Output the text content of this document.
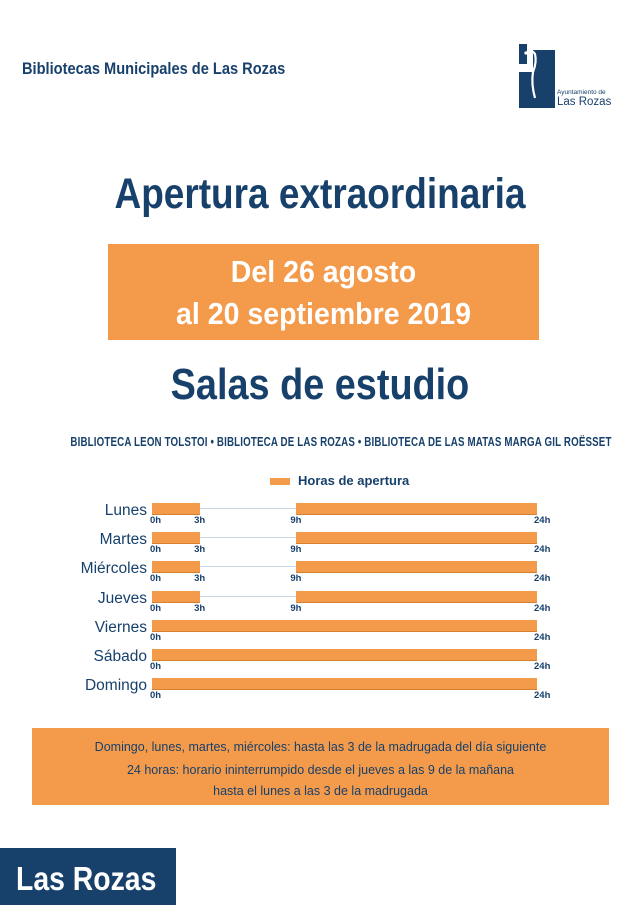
Bibliotecas Municipales de Las Rozas
Ayuntamiento de
Las Rozas
Apertura extraordinaria
Del 26 agosto
al 20 septiembre 2019
Salas de estudio
BIBLIOTECA LEON TOLSTOI • BIBLIOTECA DE LAS ROZAS • BIBLIOTECA DE LAS MATAS MARGA GIL ROËSSET
Horas de apertura
Lunes
0h	3h	9h	24h
Martes
0h	3h	9h	24h
Miércoles
0h	3h	9h	24h
Jueves
0h	3h	9h	24h
Viernes
0h	24h
Sábado
0h	24h
Domingo
0h	24h
Domingo, lunes, martes, miércoles: hasta las 3 de la madrugada del día siguiente
24 horas: horario ininterrumpido desde el jueves a las 9 de la mañana
hasta el lunes a las 3 de la madrugada
Las Rozas
